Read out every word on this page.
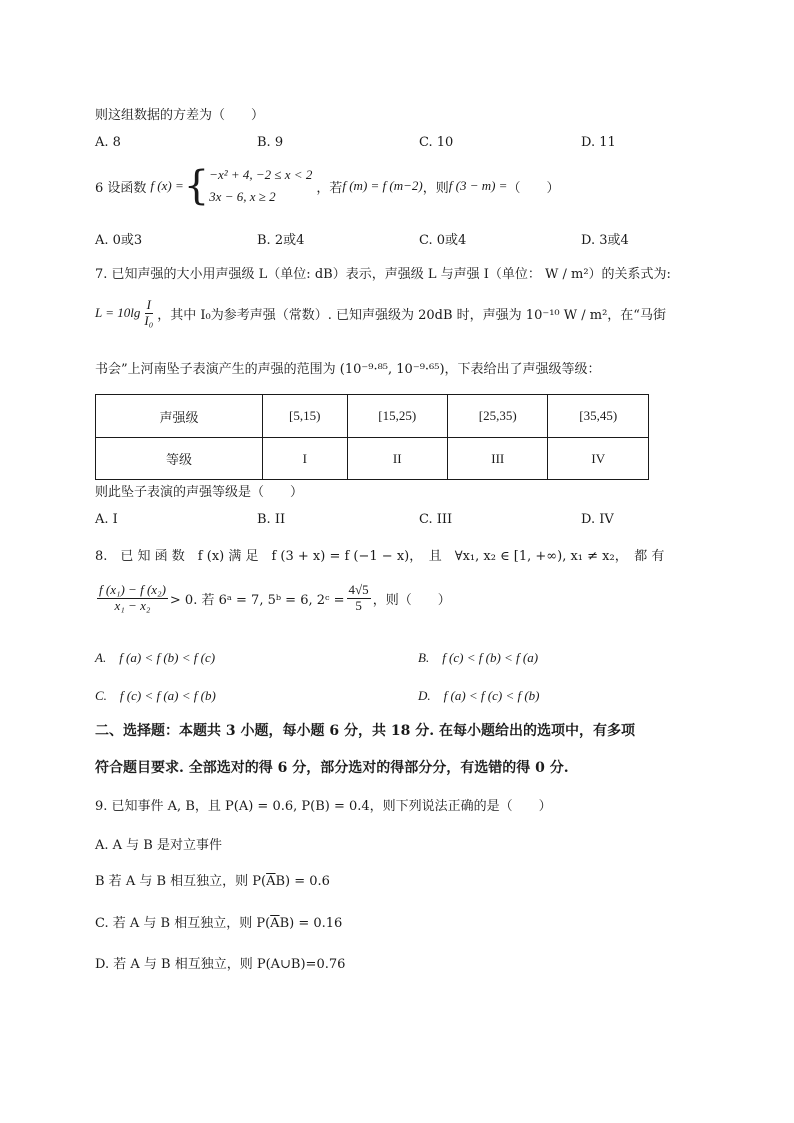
则这组数据的方差为（　　）
A. 8	B. 9	C. 10	D. 11
6 设函数 f (x) = { −x² + 4, −2 ≤ x < 2
3x − 6, x ≥ 2
，若 f (m) = f (m−2) ，则 f (3 − m) = （　　）
A. 0或3	B. 2或4	C. 0或4	D. 3或4
7. 已知声强的大小用声强级 L（单位: dB）表示，声强级 L 与声强 I（单位： W / m²）的关系式为:
$L = 10\lg \frac{I}{\text{I₀}}$ ，其中 I₀为参考声强（常数）. 已知声强级为 20dB 时，声强为 10⁻¹⁰ W / m²，在“马街
书会”上河南坠子表演产生的声强的范围为 (10⁻⁹·⁸⁵, 10⁻⁹·⁶⁵)，下表给出了声强级等级：
声强级	[5,15)	[15,25)	[25,35)	[35,45)
等级	I	II	III	IV
则此坠子表演的声强等级是（　　）
A. I	B. II	C. III	D. IV
8.　已 知 函 数　f (x) 满 足　f (3 + x) = f (−1 − x)，　且　∀x₁, x₂ ∈ [1, +∞), x₁ ≠ x₂，　都 有
$\frac{\text{f (x₁) − f (x₂)}}{\text{x₁ − x₂}} > 0$. 若 6ᵃ = 7, 5ᵇ = 6, 2ᶜ = $\frac{4√5}{5}$ ，则（　　）
A.　f (a) < f (b) < f (c)	B.　f (c) < f (b) < f (a)
C.　f (c) < f (a) < f (b)	D.　f (a) < f (c) < f (b)
二、选择题：本题共 3 小题，每小题 6 分，共 18 分. 在每小题给出的选项中，有多项
符合题目要求. 全部选对的得 6 分，部分选对的得部分分，有选错的得 0 分.
9. 已知事件 A, B，且 P(A) = 0.6, P(B) = 0.4，则下列说法正确的是（　　）
A. A 与 B 是对立事件
B 若 A 与 B 相互独立，则 $P(\overline{A}B) = 0.6$
C. 若 A 与 B 相互独立，则 $P(\overline{A}B) = 0.16$
D. 若 A 与 B 相互独立，则 P(A∪B)=0.76
